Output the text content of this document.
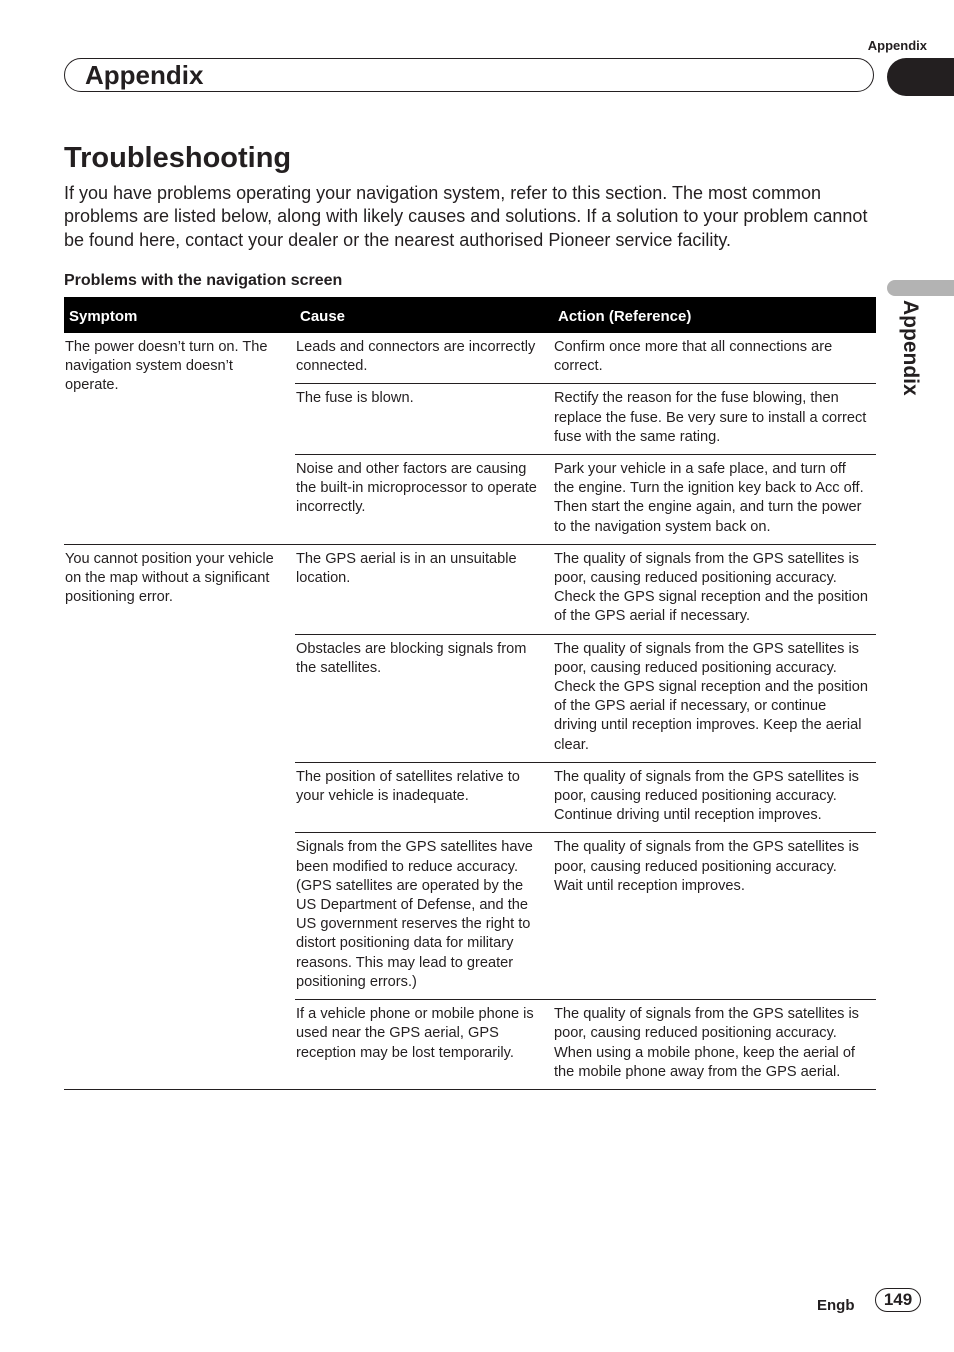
Appendix
Appendix
Appendix
Troubleshooting

If you have problems operating your navigation system, refer to this section. The most common problems are listed below, along with likely causes and solutions. If a solution to your problem cannot be found here, contact your dealer or the nearest authorised Pioneer service facility.

Problems with the navigation screen
Symptom	Cause	Action (Reference)
The power doesn’t turn on. The navigation system doesn’t operate.	Leads and connectors are incorrectly connected.	Confirm once more that all connections are correct.
	The fuse is blown.	Rectify the reason for the fuse blowing, then replace the fuse. Be very sure to install a correct fuse with the same rating.
	Noise and other factors are causing the built-in microprocessor to operate incorrectly.	Park your vehicle in a safe place, and turn off the engine. Turn the ignition key back to Acc off. Then start the engine again, and turn the power to the navigation system back on.
You cannot position your vehicle on the map without a significant positioning error.	The GPS aerial is in an unsuitable location.	The quality of signals from the GPS satellites is poor, causing reduced positioning accuracy. Check the GPS signal reception and the position of the GPS aerial if necessary.
	Obstacles are blocking signals from the satellites.	The quality of signals from the GPS satellites is poor, causing reduced positioning accuracy. Check the GPS signal reception and the position of the GPS aerial if necessary, or continue driving until reception improves. Keep the aerial clear.
	The position of satellites relative to your vehicle is inadequate.	The quality of signals from the GPS satellites is poor, causing reduced positioning accuracy. Continue driving until reception improves.
	Signals from the GPS satellites have been modified to reduce accuracy. (GPS satellites are operated by the US Department of Defense, and the US government reserves the right to distort positioning data for military reasons. This may lead to greater positioning errors.)	The quality of signals from the GPS satellites is poor, causing reduced positioning accuracy. Wait until reception improves.
	If a vehicle phone or mobile phone is used near the GPS aerial, GPS reception may be lost temporarily.	The quality of signals from the GPS satellites is poor, causing reduced positioning accuracy. When using a mobile phone, keep the aerial of the mobile phone away from the GPS aerial.
Engb	149
